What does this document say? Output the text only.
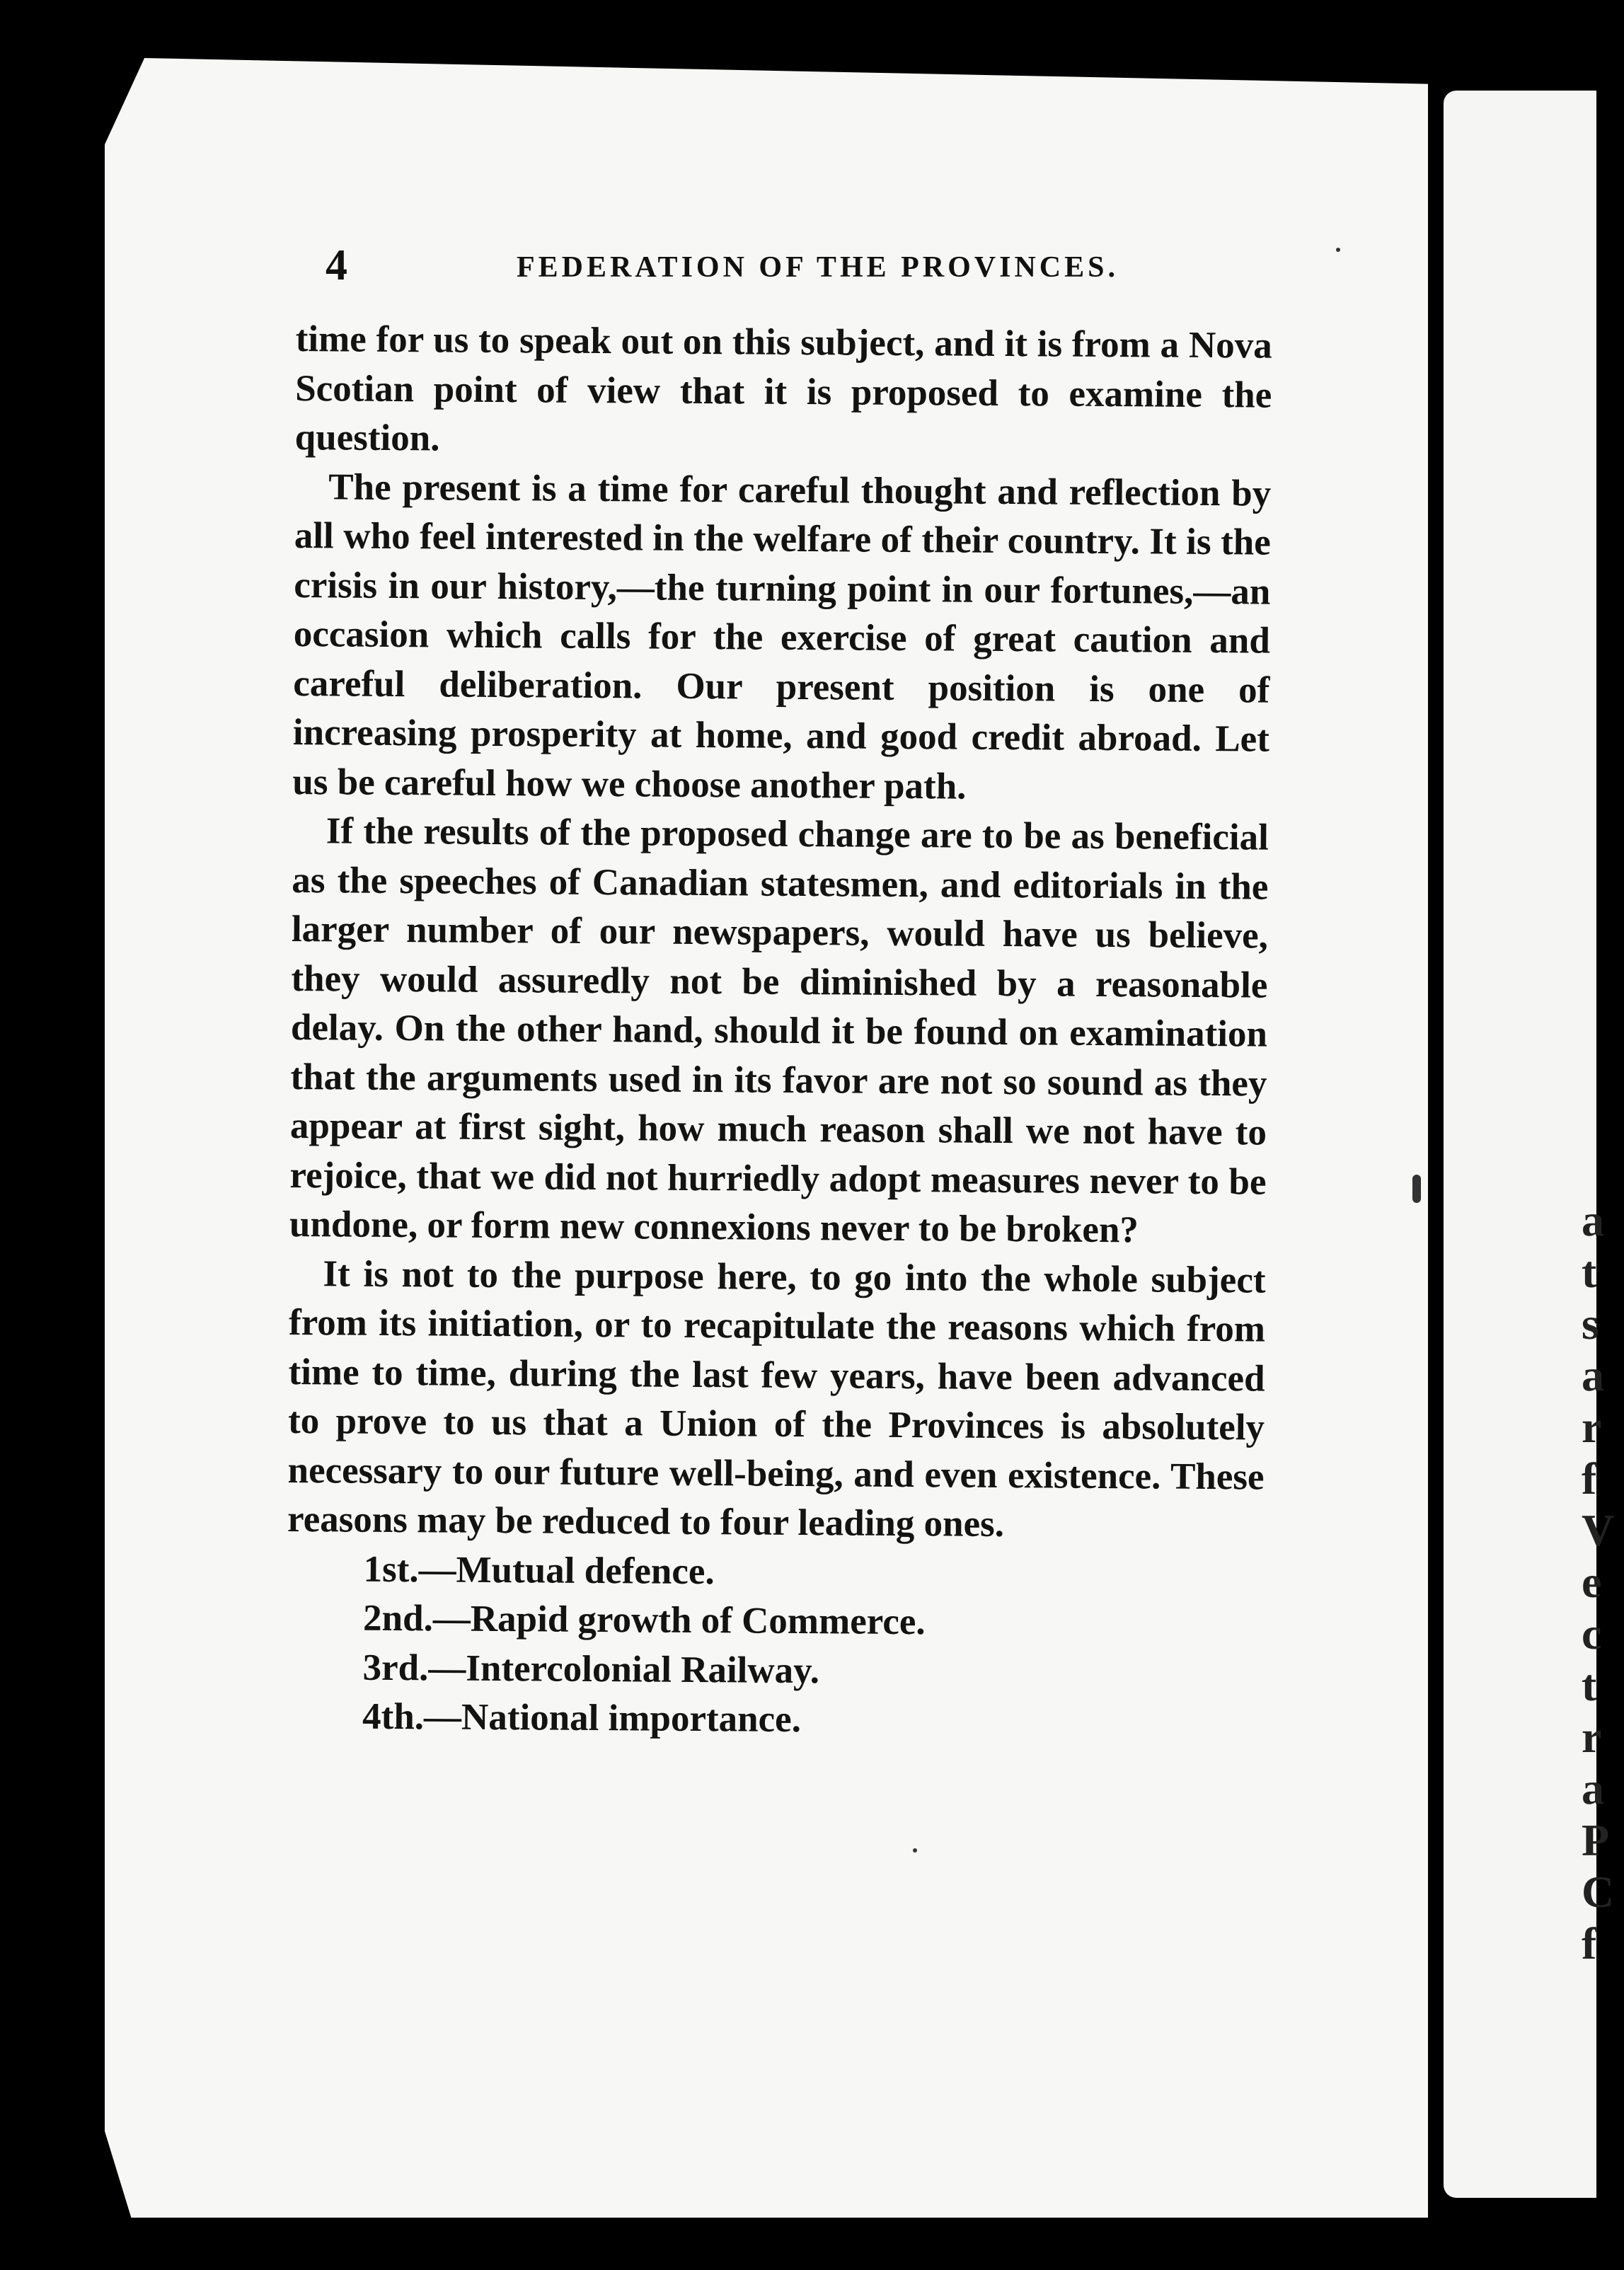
a
t
s
a
r
f
V
e
c
t
r
a
P
C
f
4	FEDERATION OF THE PROVINCES.

time for us to speak out on this subject, and it is from a Nova Scotian point of view that it is proposed to examine the question.

The present is a time for careful thought and reflection by all who feel interested in the welfare of their country. It is the crisis in our history,—the turning point in our fortunes,—an occasion which calls for the exercise of great caution and careful deliberation. Our present position is one of increasing prosperity at home, and good credit abroad. Let us be careful how we choose another path.

If the results of the proposed change are to be as beneficial as the speeches of Canadian statesmen, and editorials in the larger number of our newspapers, would have us believe, they would assuredly not be diminished by a reasonable delay. On the other hand, should it be found on examination that the arguments used in its favor are not so sound as they appear at first sight, how much reason shall we not have to rejoice, that we did not hurriedly adopt measures never to be undone, or form new connexions never to be broken?

It is not to the purpose here, to go into the whole subject from its initiation, or to recapitulate the reasons which from time to time, during the last few years, have been advanced to prove to us that a Union of the Provinces is absolutely necessary to our future well-being, and even existence. These reasons may be reduced to four leading ones.

1st.—Mutual defence.
2nd.—Rapid growth of Commerce.
3rd.—Intercolonial Railway.
4th.—National importance.
